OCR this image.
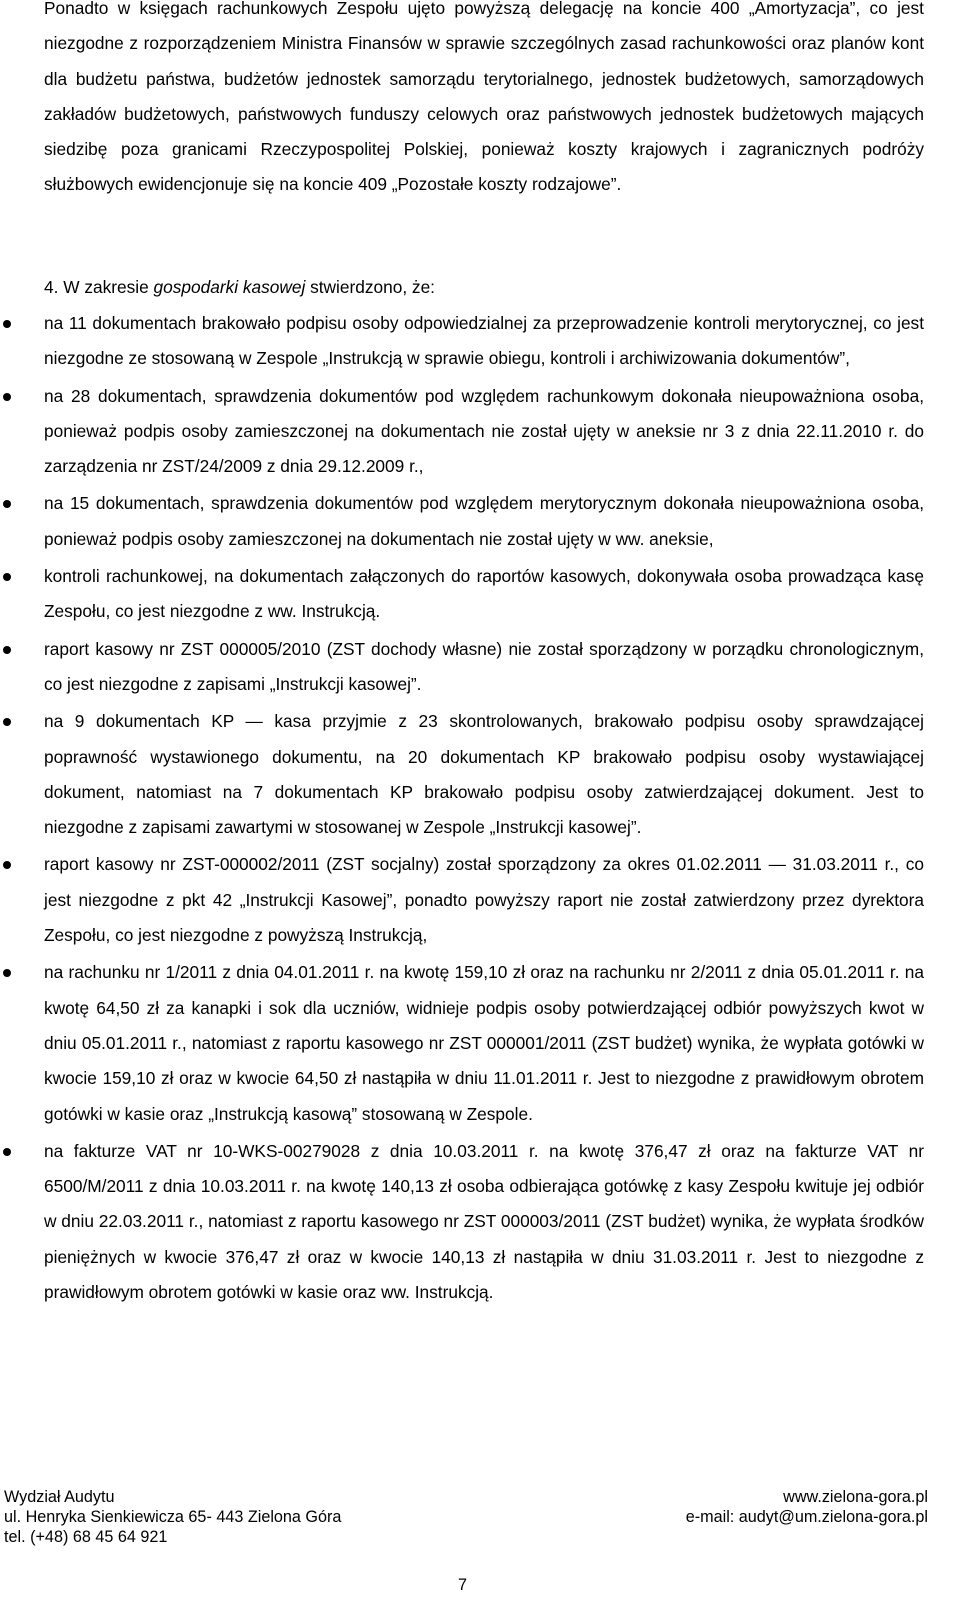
Ponadto w księgach rachunkowych Zespołu ujęto powyższą delegację na koncie 400 „Amortyzacja”, co jest niezgodne z rozporządzeniem Ministra Finansów w sprawie szczególnych zasad rachunkowości oraz planów kont dla budżetu państwa, budżetów jednostek samorządu terytorialnego, jednostek budżetowych, samorządowych zakładów budżetowych, państwowych funduszy celowych oraz państwowych jednostek budżetowych mających siedzibę poza granicami Rzeczypospolitej Polskiej, ponieważ koszty krajowych i zagranicznych podróży służbowych ewidencjonuje się na koncie 409 „Pozostałe koszty rodzajowe”.

4. W zakresie gospodarki kasowej stwierdzono, że:

na 11 dokumentach brakowało podpisu osoby odpowiedzialnej za przeprowadzenie kontroli merytorycznej, co jest niezgodne ze stosowaną w Zespole „Instrukcją w sprawie obiegu, kontroli i archiwizowania dokumentów”,
na 28 dokumentach, sprawdzenia dokumentów pod względem rachunkowym dokonała nieupoważniona osoba, ponieważ podpis osoby zamieszczonej na dokumentach nie został ujęty w aneksie nr 3 z dnia 22.11.2010 r. do zarządzenia nr ZST/24/2009 z dnia 29.12.2009 r.,
na 15 dokumentach, sprawdzenia dokumentów pod względem merytorycznym dokonała nieupoważniona osoba, ponieważ podpis osoby zamieszczonej na dokumentach nie został ujęty w ww. aneksie,
kontroli rachunkowej, na dokumentach załączonych do raportów kasowych, dokonywała osoba prowadząca kasę Zespołu, co jest niezgodne z ww. Instrukcją.
raport kasowy nr ZST 000005/2010 (ZST dochody własne) nie został sporządzony w porządku chronologicznym, co jest niezgodne z zapisami „Instrukcji kasowej”.
na 9 dokumentach KP — kasa przyjmie z 23 skontrolowanych, brakowało podpisu osoby sprawdzającej poprawność wystawionego dokumentu, na 20 dokumentach KP brakowało podpisu osoby wystawiającej dokument, natomiast na 7 dokumentach KP brakowało podpisu osoby zatwierdzającej dokument. Jest to niezgodne z zapisami zawartymi w stosowanej w Zespole „Instrukcji kasowej”.
raport kasowy nr ZST-000002/2011 (ZST socjalny) został sporządzony za okres 01.02.2011 — 31.03.2011 r., co jest niezgodne z pkt 42 „Instrukcji Kasowej”, ponadto powyższy raport nie został zatwierdzony przez dyrektora Zespołu, co jest niezgodne z powyższą Instrukcją,
na rachunku nr 1/2011 z dnia 04.01.2011 r. na kwotę 159,10 zł oraz na rachunku nr 2/2011 z dnia 05.01.2011 r. na kwotę 64,50 zł za kanapki i sok dla uczniów, widnieje podpis osoby potwierdzającej odbiór powyższych kwot w dniu 05.01.2011 r., natomiast z raportu kasowego nr ZST 000001/2011 (ZST budżet) wynika, że wypłata gotówki w kwocie 159,10 zł oraz w kwocie 64,50 zł nastąpiła w dniu 11.01.2011 r. Jest to niezgodne z prawidłowym obrotem gotówki w kasie oraz „Instrukcją kasową” stosowaną w Zespole.
na fakturze VAT nr 10-WKS-00279028 z dnia 10.03.2011 r. na kwotę 376,47 zł oraz na fakturze VAT nr 6500/M/2011 z dnia 10.03.2011 r. na kwotę 140,13 zł osoba odbierająca gotówkę z kasy Zespołu kwituje jej odbiór w dniu 22.03.2011 r., natomiast z raportu kasowego nr ZST 000003/2011 (ZST budżet) wynika, że wypłata środków pieniężnych w kwocie 376,47 zł oraz w kwocie 140,13 zł nastąpiła w dniu 31.03.2011 r. Jest to niezgodne z prawidłowym obrotem gotówki w kasie oraz ww. Instrukcją.
Wydział Audytu
ul. Henryka Sienkiewicza 65- 443 Zielona Góra
tel. (+48) 68 45 64 921
www.zielona-gora.pl
e-mail: audyt@um.zielona-gora.pl
7
